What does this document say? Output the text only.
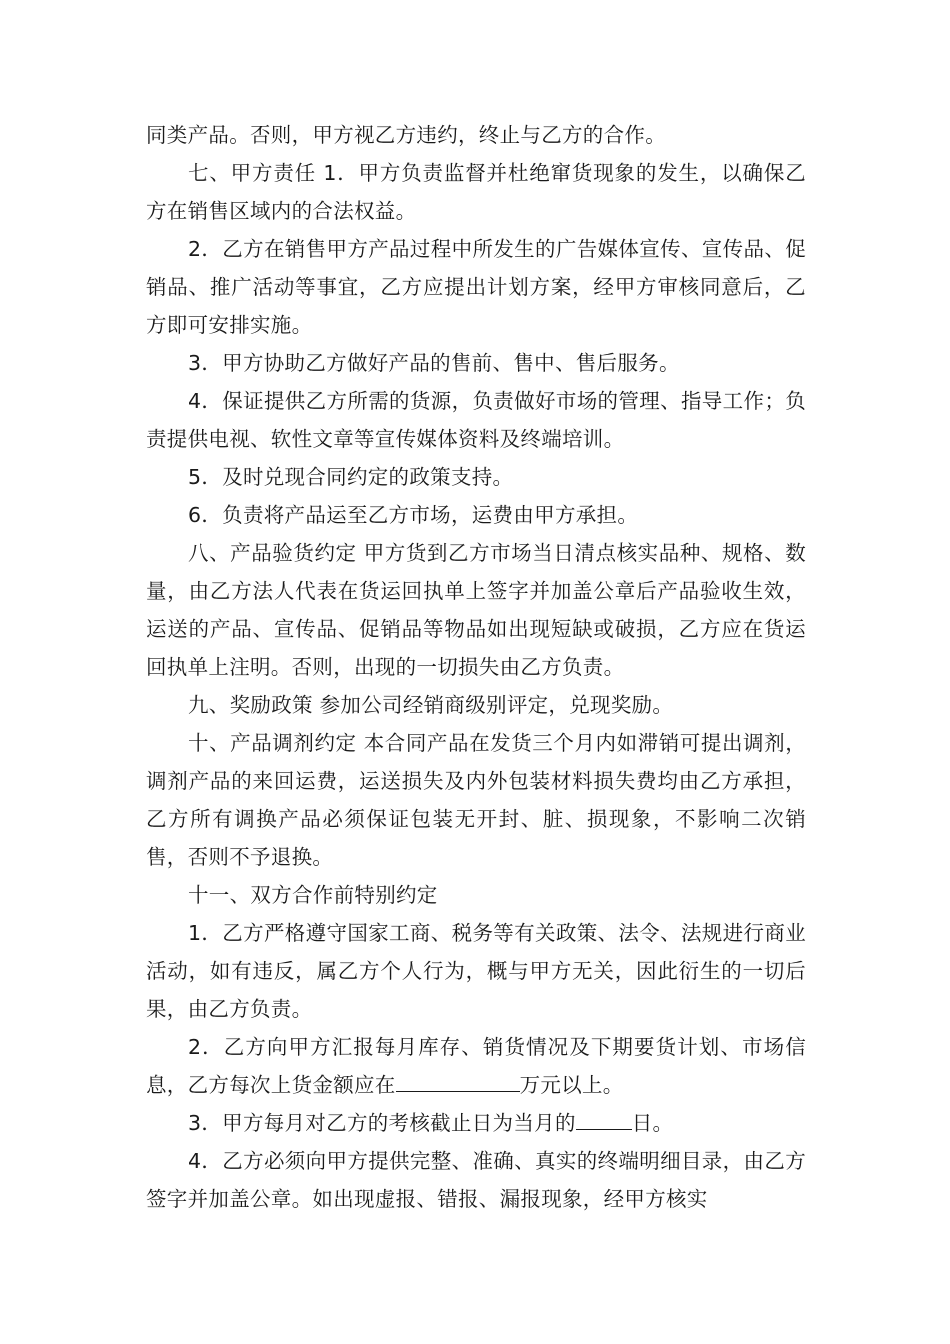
同类产品。否则，甲方视乙方违约，终止与乙方的合作。

七、甲方责任 1．甲方负责监督并杜绝窜货现象的发生，以确保乙方在销售区域内的合法权益。

2．乙方在销售甲方产品过程中所发生的广告媒体宣传、宣传品、促销品、推广活动等事宜，乙方应提出计划方案，经甲方审核同意后，乙方即可安排实施。

3．甲方协助乙方做好产品的售前、售中、售后服务。

4．保证提供乙方所需的货源，负责做好市场的管理、指导工作；负责提供电视、软性文章等宣传媒体资料及终端培训。

5．及时兑现合同约定的政策支持。

6．负责将产品运至乙方市场，运费由甲方承担。

八、产品验货约定 甲方货到乙方市场当日清点核实品种、规格、数量，由乙方法人代表在货运回执单上签字并加盖公章后产品验收生效，运送的产品、宣传品、促销品等物品如出现短缺或破损，乙方应在货运回执单上注明。否则，出现的一切损失由乙方负责。

九、奖励政策 参加公司经销商级别评定，兑现奖励。

十、产品调剂约定 本合同产品在发货三个月内如滞销可提出调剂，调剂产品的来回运费，运送损失及内外包装材料损失费均由乙方承担，乙方所有调换产品必须保证包装无开封、脏、损现象，不影响二次销售，否则不予退换。

十一、双方合作前特别约定

1．乙方严格遵守国家工商、税务等有关政策、法令、法规进行商业活动，如有违反，属乙方个人行为，概与甲方无关，因此衍生的一切后果，由乙方负责。

2．乙方向甲方汇报每月库存、销货情况及下期要货计划、市场信息，乙方每次上货金额应在	万元以上。

3．甲方每月对乙方的考核截止日为当月的	日。

4．乙方必须向甲方提供完整、准确、真实的终端明细目录，由乙方签字并加盖公章。如出现虚报、错报、漏报现象，经甲方核实
